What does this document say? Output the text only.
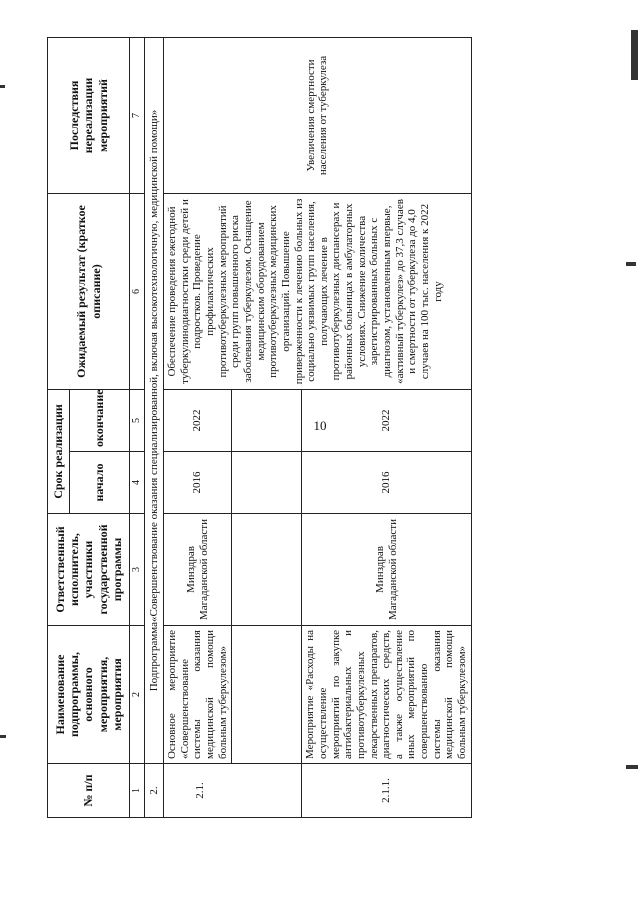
10
№ п/п	Наименование подпрограммы, основного мероприятия, мероприятия	Ответственный исполнитель, участники государственной программы	Срок реализации		Ожидаемый результат (краткое описание)	Последствия нереализации мероприятий
			начало	окончание		
1	2	3	4	5	6	7
2.	Подпрограмма«Совершенствование оказания специализированной, включая высокотехнологичную, медицинской помощи»					
2.1.	Основное мероприятие «Совершенствование системы оказания медицинской помощи больным туберкулезом»	Минздрав Магаданской области	2016	2022	Обеспечение проведения ежегодной туберкулинодиагностики среди детей и подростков. Проведение профилактических противотуберкулезных мероприятий среди групп повышенного риска заболевания туберкулезом. Оснащение медицинским оборудованием противотуберкулезных медицинских организаций. Повышение приверженности к лечению больных из социально уязвимых групп населения, получающих лечение в противотуберкулезных диспансерах и районных больницах в амбулаторных условиях. Снижение количества зарегистрированных больных с диагнозом, установленным впервые, «активный туберкулез» до 37,3 случаев и смертности от туберкулеза до 4,0 случаев на 100 тыс. населения к 2022 году	Увеличения смертности населения от туберкулеза

2.1.1.	Мероприятие «Расходы на осуществление мероприятий по закупке антибактериальных и противотуберкулезных лекарственных препаратов, диагностических средств, а также осуществление иных мероприятий по совершенствованию системы оказания медицинской помощи больным туберкулезом»	Минздрав Магаданской области	2016	2022		
